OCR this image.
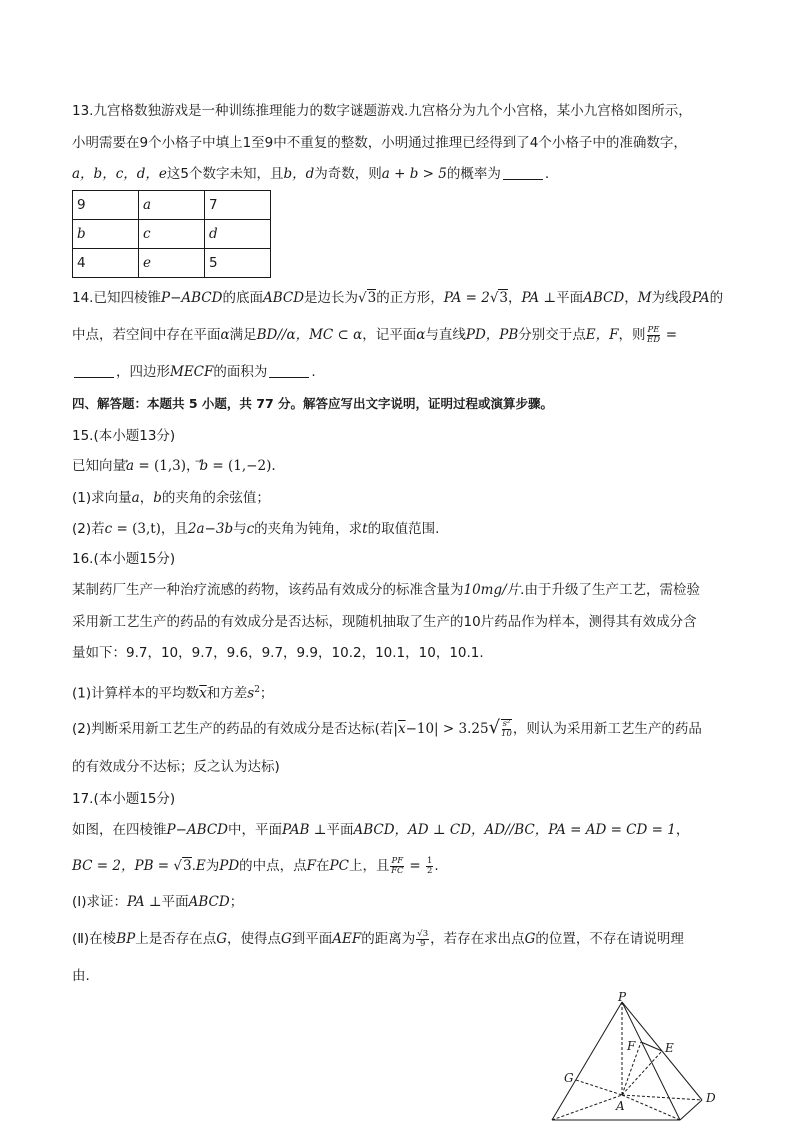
13.九宫格数独游戏是一种训练推理能力的数字谜题游戏.九宫格分为九个小宫格，某小九宫格如图所示，
小明需要在9个小格子中填上1至9中不重复的整数，小明通过推理已经得到了4个小格子中的准确数字，
a，b，c，d，e这5个数字未知，且b，d为奇数，则a + b > 5的概率为	.
9	a	7
b	c	d
4	e	5
14.已知四棱锥P−ABCD的底面ABCD是边长为√3的正方形，PA = 2√3，PA ⊥平面ABCD，M为线段PA的
中点，若空间中存在平面α满足BD//α，MC ⊂ α，记平面α与直线PD，PB分别交于点E，F，则 $\frac{PE}{ED}$ =
，四边形MECF的面积为	.
四、解答题：本题共 5 小题，共 77 分。解答应写出文字说明，证明过程或演算步骤。
15.(本小题13分)
已知向量a = (1,3)，b = (1,−2).
(1)求向量a，b的夹角的余弦值；
(2)若c = (3,t)，且2a−3b与c的夹角为钝角，求t的取值范围.
16.(本小题15分)
某制药厂生产一种治疗流感的药物，该药品有效成分的标准含量为10mg/片.由于升级了生产工艺，需检验
采用新工艺生产的药品的有效成分是否达标，现随机抽取了生产的10片药品作为样本，测得其有效成分含
量如下：9.7，10，9.7，9.6，9.7，9.9，10.2，10.1，10，10.1.
(1)计算样本的平均数$\overline{x}$和方差$s^2$；
(2)判断采用新工艺生产的药品的有效成分是否达标(若$|\overline{x}-10| > 3.25√ \frac{\text{s²}}{10}$ ，则认为采用新工艺生产的药品
的有效成分不达标；反之认为达标)
17.(本小题15分)
如图，在四棱锥P−ABCD中，平面PAB ⊥平面ABCD，AD ⊥ CD，AD//BC，PA = AD = CD = 1，
BC = 2，PB = √3.E为PD的中点，点F在PC上，且 $\frac{PF}{FC} = \frac{1}{2}$ .
(Ⅰ)求证：PA ⊥平面ABCD；
(Ⅱ)在棱BP上是否存在点G，使得点G到平面AEF的距离为 $\frac{√3}{9}$ ，若存在求出点G的位置，不存在请说明理
由.
P
F E
G
A
D
